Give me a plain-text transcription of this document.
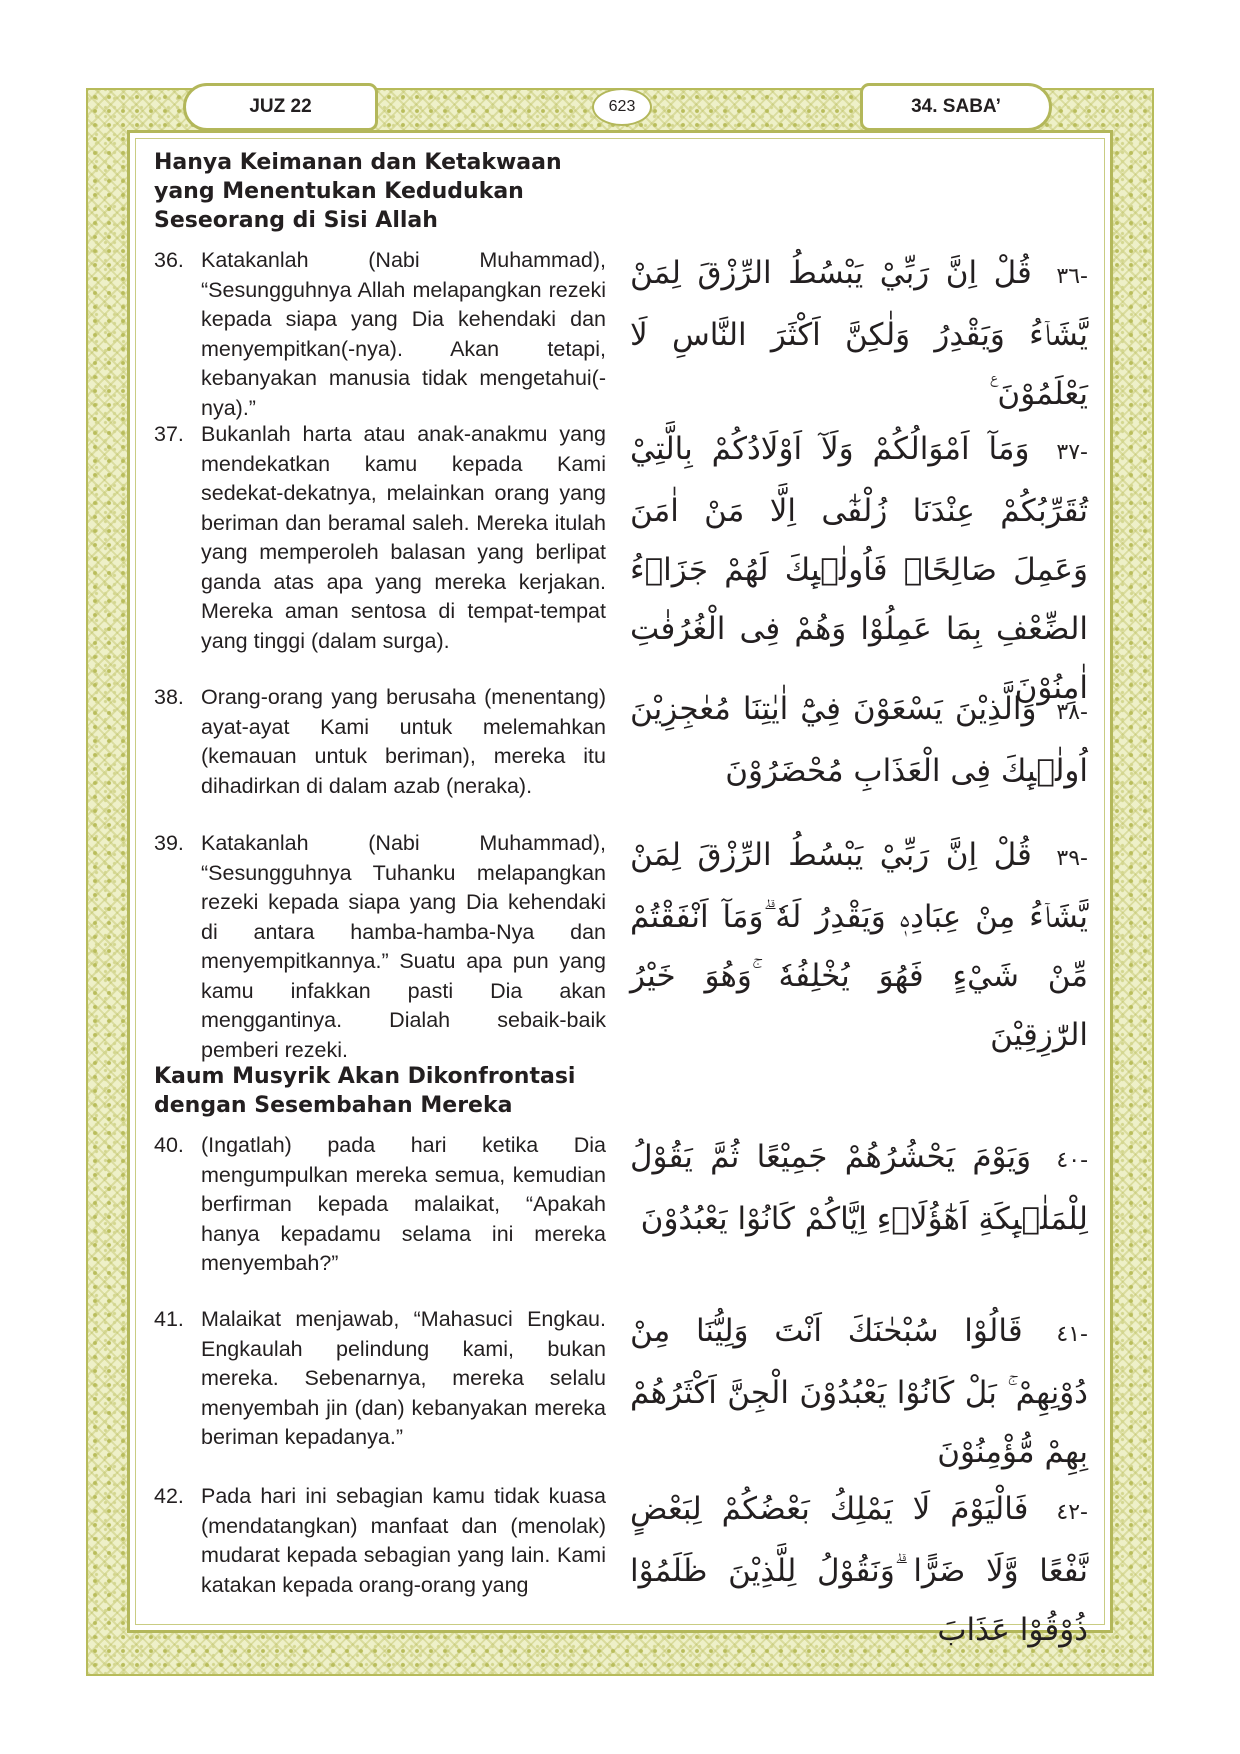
JUZ 22	623	34. SABA’
Hanya Keimanan dan Ketakwaan yang Menentukan Kedudukan Seseorang di Sisi Allah
36. Katakanlah (Nabi Muhammad), “Sesungguhnya Allah melapangkan rezeki kepada siapa yang Dia kehendaki dan menyempitkan(-nya). Akan tetapi, kebanyakan manusia tidak mengetahui(-nya).”
-٣٦ قُلْ اِنَّ رَبِّيْ يَبْسُطُ الرِّزْقَ لِمَنْ يَّشَاۤءُ وَيَقْدِرُ وَلٰكِنَّ اَكْثَرَ النَّاسِ لَا يَعْلَمُوْنَ ࣖ
37. Bukanlah harta atau anak-anakmu yang mendekatkan kamu kepada Kami sedekat-dekatnya, melainkan orang yang beriman dan beramal saleh. Mereka itulah yang memperoleh balasan yang berlipat ganda atas apa yang mereka kerjakan. Mereka aman sentosa di tempat-tempat yang tinggi (dalam surga).
-٣٧ وَمَآ اَمْوَالُكُمْ وَلَآ اَوْلَادُكُمْ بِالَّتِيْ تُقَرِّبُكُمْ عِنْدَنَا زُلْفٰٓى اِلَّا مَنْ اٰمَنَ وَعَمِلَ صَالِحًاۙ فَاُولٰۤىِٕكَ لَهُمْ جَزَاۤءُ الضِّعْفِ بِمَا عَمِلُوْا وَهُمْ فِى الْغُرُفٰتِ اٰمِنُوْنَ
38. Orang-orang yang berusaha (menentang) ayat-ayat Kami untuk melemahkan (kemauan untuk beriman), mereka itu dihadirkan di dalam azab (neraka).
-٣٨ وَالَّذِيْنَ يَسْعَوْنَ فِيْٓ اٰيٰتِنَا مُعٰجِزِيْنَ اُولٰۤىِٕكَ فِى الْعَذَابِ مُحْضَرُوْنَ
39. Katakanlah (Nabi Muhammad), “Sesungguhnya Tuhanku melapangkan rezeki kepada siapa yang Dia kehendaki di antara hamba-hamba-Nya dan menyempitkannya.” Suatu apa pun yang kamu infakkan pasti Dia akan menggantinya. Dialah sebaik-baik pemberi rezeki.
-٣٩ قُلْ اِنَّ رَبِّيْ يَبْسُطُ الرِّزْقَ لِمَنْ يَّشَاۤءُ مِنْ عِبَادِهٖ وَيَقْدِرُ لَهٗ ۗوَمَآ اَنْفَقْتُمْ مِّنْ شَيْءٍ فَهُوَ يُخْلِفُهٗ ۚوَهُوَ خَيْرُ الرّٰزِقِيْنَ
Kaum Musyrik Akan Dikonfrontasi dengan Sesembahan Mereka
40. (Ingatlah) pada hari ketika Dia mengumpulkan mereka semua, kemudian berfirman kepada malaikat, “Apakah hanya kepadamu selama ini mereka menyembah?”
-٤٠ وَيَوْمَ يَحْشُرُهُمْ جَمِيْعًا ثُمَّ يَقُوْلُ لِلْمَلٰۤىِٕكَةِ اَهٰٓؤُلَاۤءِ اِيَّاكُمْ كَانُوْا يَعْبُدُوْنَ
41. Malaikat menjawab, “Mahasuci Engkau. Engkaulah pelindung kami, bukan mereka. Sebenarnya, mereka selalu menyembah jin (dan) kebanyakan mereka beriman kepadanya.”
-٤١ قَالُوْا سُبْحٰنَكَ اَنْتَ وَلِيُّنَا مِنْ دُوْنِهِمْ ۚ بَلْ كَانُوْا يَعْبُدُوْنَ الْجِنَّ اَكْثَرُهُمْ بِهِمْ مُّؤْمِنُوْنَ
42. Pada hari ini sebagian kamu tidak kuasa (mendatangkan) manfaat dan (menolak) mudarat kepada sebagian yang lain. Kami katakan kepada orang-orang yang
-٤٢ فَالْيَوْمَ لَا يَمْلِكُ بَعْضُكُمْ لِبَعْضٍ نَّفْعًا وَّلَا ضَرًّا ۗوَنَقُوْلُ لِلَّذِيْنَ ظَلَمُوْا ذُوْقُوْا عَذَابَ
